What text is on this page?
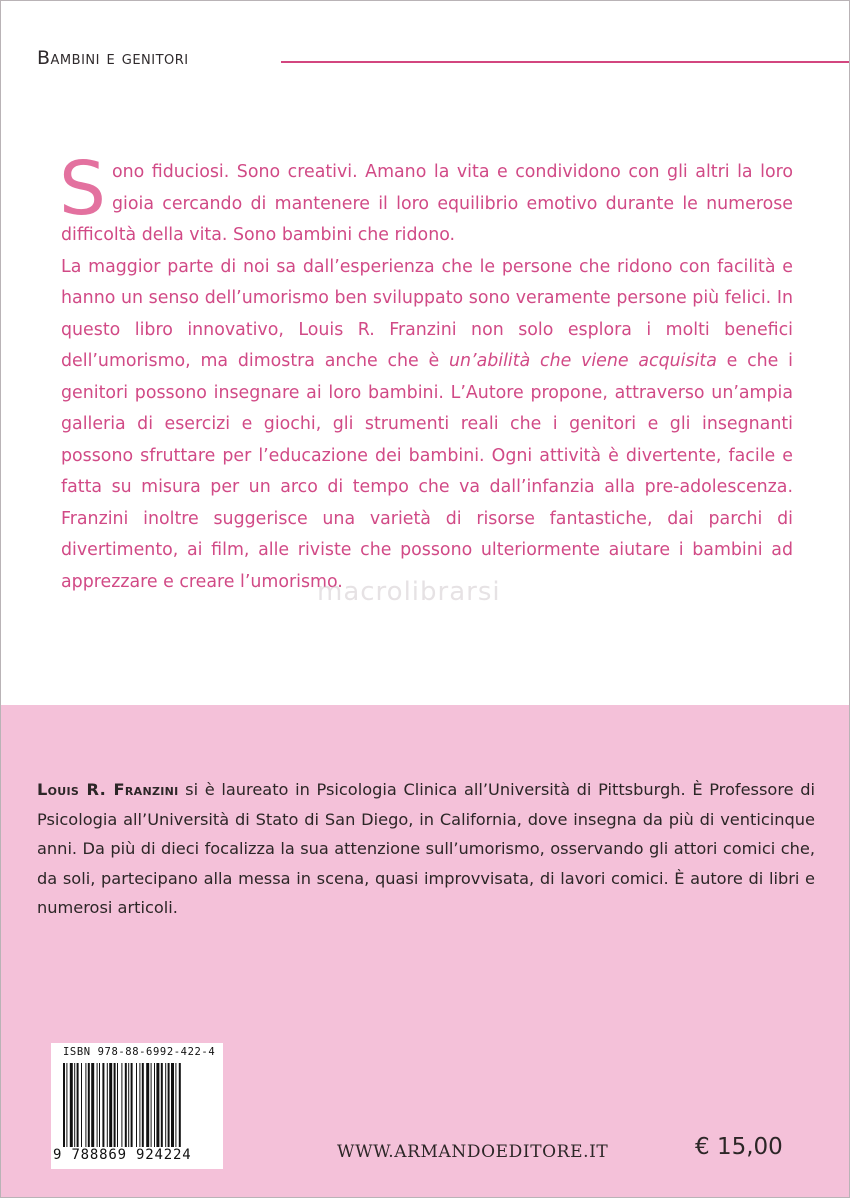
Bambini e genitori

Sono fiduciosi. Sono creativi. Amano la vita e condividono con gli altri la loro gioia cercando di mantenere il loro equilibrio emotivo durante le numerose difficoltà della vita. Sono bambini che ridono.

La maggior parte di noi sa dall’esperienza che le persone che ridono con facilità e hanno un senso dell’umorismo ben sviluppato sono veramente persone più felici. In questo libro innovativo, Louis R. Franzini non solo esplora i molti benefici dell’umorismo, ma dimostra anche che è un’abilità che viene acquisita e che i genitori possono insegnare ai loro bambini. L’Autore propone, attraverso un’ampia galleria di esercizi e giochi, gli strumenti reali che i genitori e gli insegnanti possono sfruttare per l’educazione dei bambini. Ogni attività è divertente, facile e fatta su misura per un arco di tempo che va dall’infanzia alla pre-adolescenza. Franzini inoltre suggerisce una varietà di risorse fantastiche, dai parchi di divertimento, ai film, alle riviste che possono ulteriormente aiutare i bambini ad apprezzare e creare l’umorismo.

macrolibrarsi

Louis R. Franzini si è laureato in Psicologia Clinica all’Università di Pittsburgh. È Professore di Psicologia all’Università di Stato di San Diego, in California, dove insegna da più di venticinque anni. Da più di dieci focalizza la sua attenzione sull’umorismo, osservando gli attori comici che, da soli, partecipano alla messa in scena, quasi improvvisata, di lavori comici. È autore di libri e numerosi articoli.

ISBN 978-88-6992-422-4
9 788869 924224	WWW.ARMANDOEDITORE.IT	€ 15,00
